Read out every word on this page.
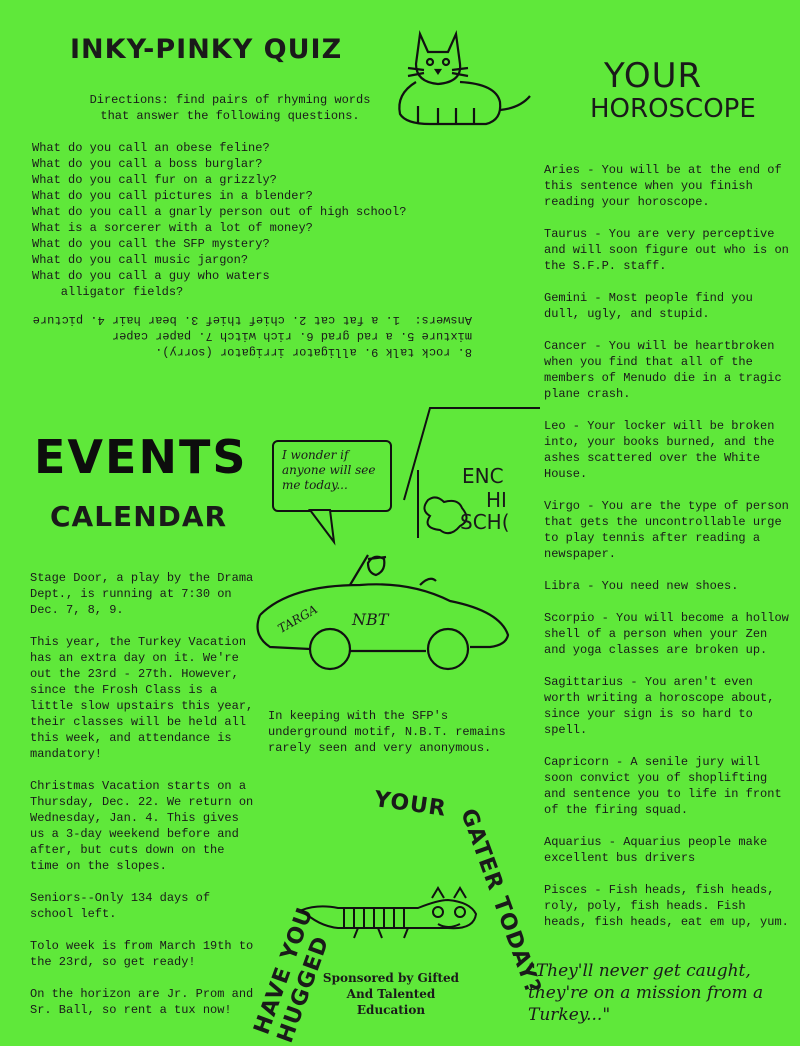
INKY-PINKY QUIZ
Directions: find pairs of rhyming words
that answer the following questions.
What do you call an obese feline?
What do you call a boss burglar?
What do you call fur on a grizzly?
What do you call pictures in a blender?
What do you call a gnarly person out of high school?
What is a sorcerer with a lot of money?
What do you call the SFP mystery?
What do you call music jargon?
What do you call a guy who waters
alligator fields?
8. rock talk 9. alligator irrigator (sorry).
mixture 5. a rad grad 6. rich witch 7. paper caper
Answers:  1. a fat cat 2. chief thief 3. bear hair 4. picture
YOUR
HOROSCOPE

Aries - You will be at the end of this sentence when you finish reading your horoscope.

Taurus - You are very perceptive and will soon figure out who is on the S.F.P. staff.

Gemini - Most people find you dull, ugly, and stupid.

Cancer - You will be heartbroken when you find that all of the members of Menudo die in a tragic plane crash.

Leo - Your locker will be broken into, your books burned, and the ashes scattered over the White House.

Virgo - You are the type of person that gets the uncontrollable urge to play tennis after reading a newspaper.

Libra - You need new shoes.

Scorpio - You will become a hollow shell of a person when your Zen and yoga classes are broken up.

Sagittarius - You aren't even worth writing a horoscope about, since your sign is so hard to spell.

Capricorn - A senile jury will soon convict you of shoplifting and sentence you to life in front of the firing squad.

Aquarius - Aquarius people make excellent bus drivers

Pisces - Fish heads, fish heads, roly, poly, fish heads. Fish heads, fish heads, eat em up, yum.

EVENTS
CALENDAR

Stage Door, a play by the Drama Dept., is running at 7:30 on Dec. 7, 8, 9.

This year, the Turkey Vacation has an extra day on it. We're out the 23rd - 27th. However, since the Frosh Class is a little slow upstairs this year, their classes will be held all this week, and attendance is mandatory!

Christmas Vacation starts on a Thursday, Dec. 22. We return on Wednesday, Jan. 4. This gives us a 3-day weekend before and after, but cuts down on the time on the slopes.

Seniors--Only 134 days of school left.

Tolo week is from March 19th to the 23rd, so get ready!

On the horizon are Jr. Prom and Sr. Ball, so rent a tux now!

I wonder if anyone will see me today...	ENC
HI
SCH(
TARGA NBT
In keeping with the SFP's underground motif, N.B.T. remains rarely seen and very anonymous.
YOUR
HAVE YOU HUGGED	GATER TODAY?
Sponsored by Gifted
And Talented
Education
"They'll never get caught, they're on a mission from a Turkey..."
